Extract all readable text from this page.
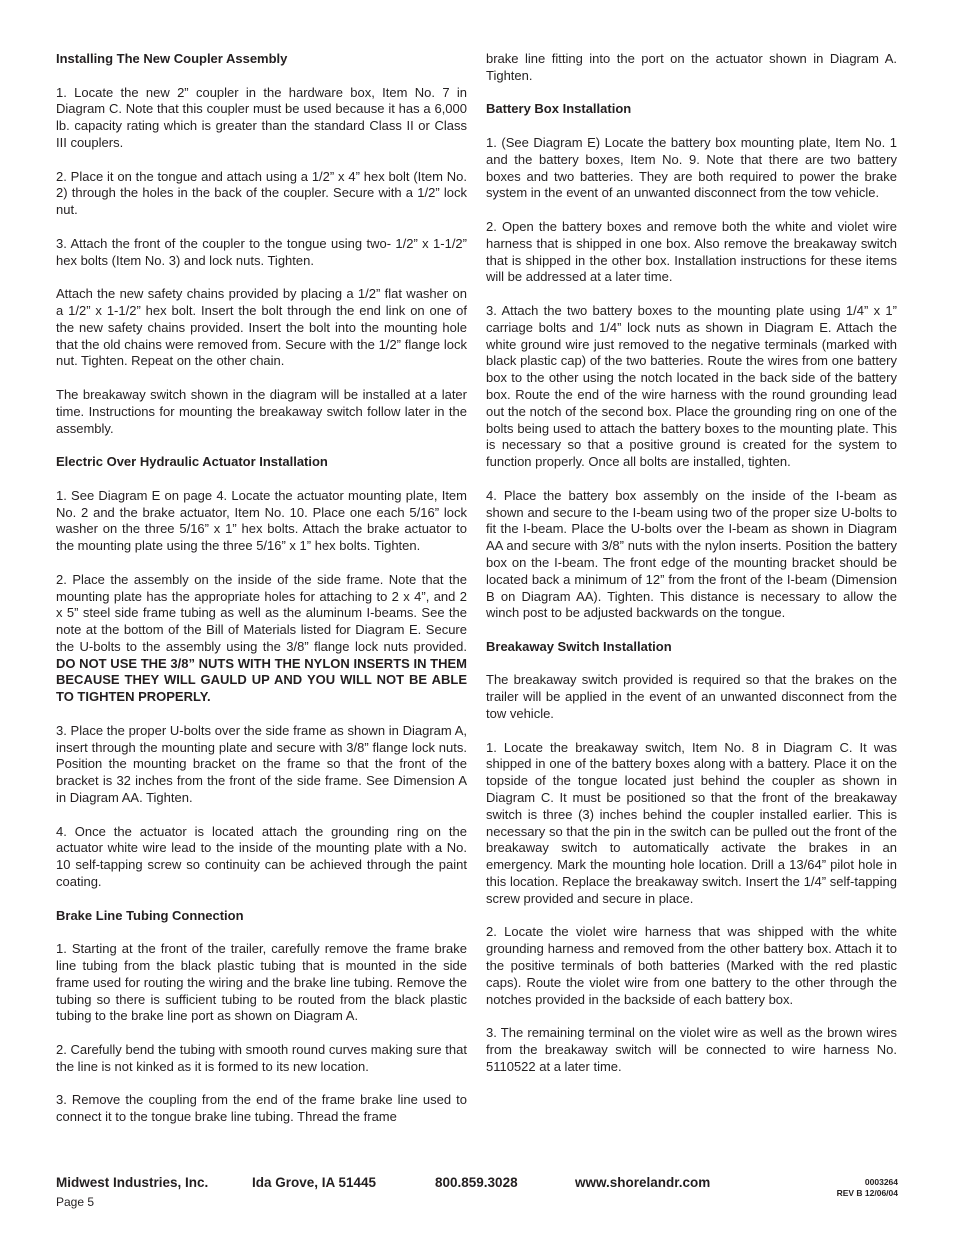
Installing The New Coupler Assembly

1. Locate the new 2” coupler in the hardware box, Item No. 7 in Diagram C. Note that this coupler must be used because it has a 6,000 lb. capacity rating which is greater than the standard Class II or Class III couplers.

2. Place it on the tongue and attach using a 1/2” x 4” hex bolt (Item No. 2) through the holes in the back of the coupler. Secure with a 1/2” lock nut.

3. Attach the front of the coupler to the tongue using two- 1/2” x 1-1/2” hex bolts (Item No. 3) and lock nuts. Tighten.

Attach the new safety chains provided by placing a 1/2” flat washer on a 1/2” x 1-1/2” hex bolt. Insert the bolt through the end link on one of the new safety chains provided. Insert the bolt into the mounting hole that the old chains were removed from. Secure with the 1/2” flange lock nut. Tighten. Repeat on the other chain.

The breakaway switch shown in the diagram will be installed at a later time. Instructions for mounting the breakaway switch follow later in the assembly.

Electric Over Hydraulic Actuator Installation

1. See Diagram E on page 4. Locate the actuator mounting plate, Item No. 2 and the brake actuator, Item No. 10. Place one each 5/16” lock washer on the three 5/16” x 1” hex bolts. Attach the brake actuator to the mounting plate using the three 5/16” x 1” hex bolts. Tighten.

2. Place the assembly on the inside of the side frame. Note that the mounting plate has the appropriate holes for attaching to 2 x 4”, and 2 x 5” steel side frame tubing as well as the aluminum I-beams. See the note at the bottom of the Bill of Materials listed for Diagram E. Secure the U-bolts to the assembly using the 3/8” flange lock nuts provided. DO NOT USE THE 3/8” NUTS WITH THE NYLON INSERTS IN THEM BECAUSE THEY WILL GAULD UP AND YOU WILL NOT BE ABLE TO TIGHTEN PROPERLY.

3. Place the proper U-bolts over the side frame as shown in Diagram A, insert through the mounting plate and secure with 3/8” flange lock nuts. Position the mounting bracket on the frame so that the front of the bracket is 32 inches from the front of the side frame. See Dimension A in Diagram AA. Tighten.

4. Once the actuator is located attach the grounding ring on the actuator white wire lead to the inside of the mounting plate with a No. 10 self-tapping screw so continuity can be achieved through the paint coating.

Brake Line Tubing Connection

1. Starting at the front of the trailer, carefully remove the frame brake line tubing from the black plastic tubing that is mounted in the side frame used for routing the wiring and the brake line tubing. Remove the tubing so there is sufficient tubing to be routed from the black plastic tubing to the brake line port as shown on Diagram A.

2. Carefully bend the tubing with smooth round curves making sure that the line is not kinked as it is formed to its new location.

3. Remove the coupling from the end of the frame brake line used to connect it to the tongue brake line tubing. Thread the frame

brake line fitting into the port on the actuator shown in Diagram A. Tighten.

Battery Box Installation

1. (See Diagram E) Locate the battery box mounting plate, Item No. 1 and the battery boxes, Item No. 9. Note that there are two battery boxes and two batteries. They are both required to power the brake system in the event of an unwanted disconnect from the tow vehicle.

2. Open the battery boxes and remove both the white and violet wire harness that is shipped in one box. Also remove the breakaway switch that is shipped in the other box. Installation instructions for these items will be addressed at a later time.

3. Attach the two battery boxes to the mounting plate using 1/4” x 1” carriage bolts and 1/4” lock nuts as shown in Diagram E. Attach the white ground wire just removed to the negative terminals (marked with black plastic cap) of the two batteries. Route the wires from one battery box to the other using the notch located in the back side of the battery box. Route the end of the wire harness with the round grounding lead out the notch of the second box. Place the grounding ring on one of the bolts being used to attach the battery boxes to the mounting plate. This is necessary so that a positive ground is created for the system to function properly. Once all bolts are installed, tighten.

4. Place the battery box assembly on the inside of the I-beam as shown and secure to the I-beam using two of the proper size U-bolts to fit the I-beam. Place the U-bolts over the I-beam as shown in Diagram AA and secure with 3/8” nuts with the nylon inserts. Position the battery box on the I-beam. The front edge of the mounting bracket should be located back a minimum of 12” from the front of the I-beam (Dimension B on Diagram AA). Tighten. This distance is necessary to allow the winch post to be adjusted backwards on the tongue.

Breakaway Switch Installation

The breakaway switch provided is required so that the brakes on the trailer will be applied in the event of an unwanted disconnect from the tow vehicle.

1. Locate the breakaway switch, Item No. 8 in Diagram C. It was shipped in one of the battery boxes along with a battery. Place it on the topside of the tongue located just behind the coupler as shown in Diagram C. It must be positioned so that the front of the breakaway switch is three (3) inches behind the coupler installed earlier. This is necessary so that the pin in the switch can be pulled out the front of the breakaway switch to automatically activate the brakes in an emergency. Mark the mounting hole location. Drill a 13/64” pilot hole in this location. Replace the breakaway switch. Insert the 1/4” self-tapping screw provided and secure in place.

2. Locate the violet wire harness that was shipped with the white grounding harness and removed from the other battery box. Attach it to the positive terminals of both batteries (Marked with the red plastic caps). Route the violet wire from one battery to the other through the notches provided in the backside of each battery box.

3. The remaining terminal on the violet wire as well as the brown wires from the breakaway switch will be connected to wire harness No. 5110522 at a later time.

Midwest Industries, Inc.	Ida Grove, IA 51445	800.859.3028	www.shorelandr.com
Page 5
0003264
REV B 12/06/04
